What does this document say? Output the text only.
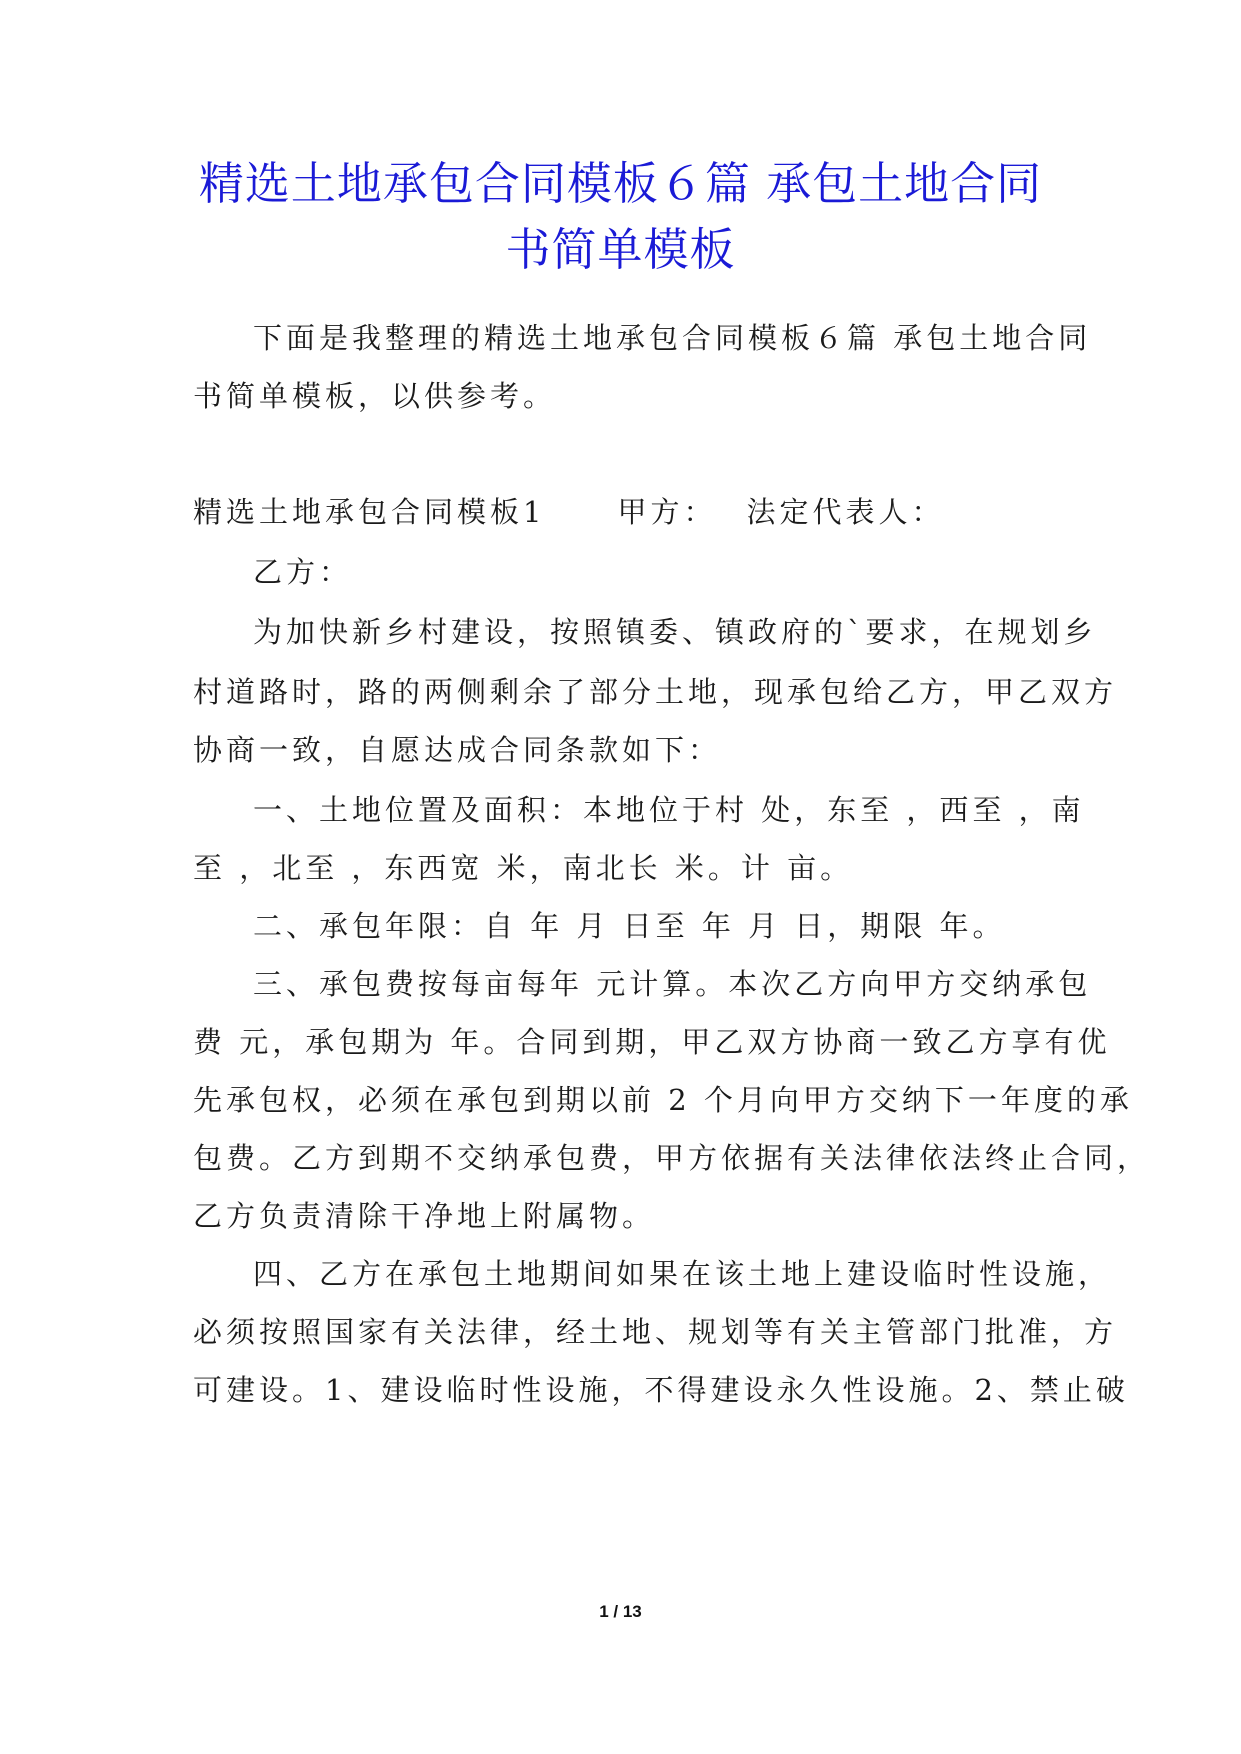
精选土地承包合同模板６篇 承包土地合同
书简单模板
下面是我整理的精选土地承包合同模板６篇 承包土地合同
书简单模板，以供参考。
精选土地承包合同模板1 甲方： 法定代表人：
乙方：
为加快新乡村建设，按照镇委、镇政府的`要求，在规划乡
村道路时，路的两侧剩余了部分土地，现承包给乙方，甲乙双方
协商一致，自愿达成合同条款如下：
一、土地位置及面积：本地位于村 处，东至 ，西至 ，南
至 ，北至 ，东西宽 米，南北长 米。计 亩。
二、承包年限：自 年 月 日至 年 月 日，期限 年。
三、承包费按每亩每年 元计算。本次乙方向甲方交纳承包
费 元，承包期为 年。合同到期，甲乙双方协商一致乙方享有优
先承包权，必须在承包到期以前 2 个月向甲方交纳下一年度的承
包费。乙方到期不交纳承包费，甲方依据有关法律依法终止合同，
乙方负责清除干净地上附属物。
四、乙方在承包土地期间如果在该土地上建设临时性设施，
必须按照国家有关法律，经土地、规划等有关主管部门批准，方
可建设。1、建设临时性设施，不得建设永久性设施。2、禁止破
1 / 13
